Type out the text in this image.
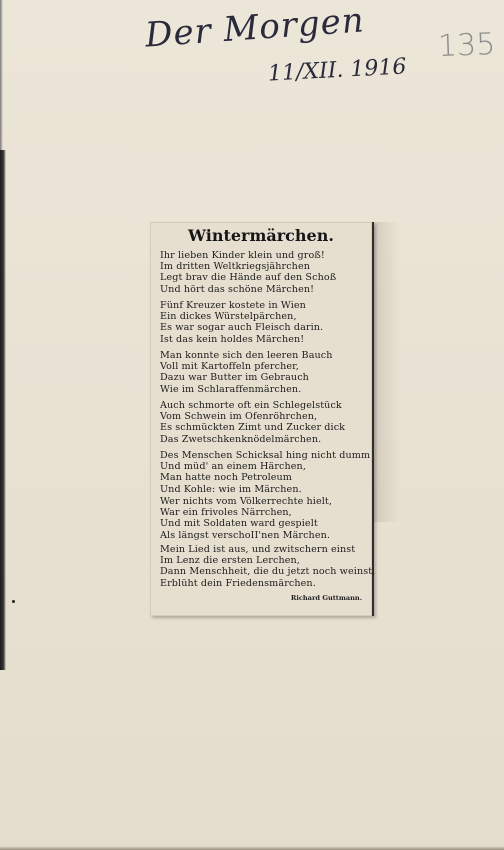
Der Morgen
11/XII. 1916
135
Wintermärchen.
Ihr lieben Kinder klein und groß!
Im dritten Weltkriegsjährchen
Legt brav die Hände auf den Schoß
Und hört das schöne Märchen!
Fünf Kreuzer kostete in Wien
Ein dickes Würstelpärchen,
Es war sogar auch Fleisch darin.
Ist das kein holdes Märchen!
Man konnte sich den leeren Bauch
Voll mit Kartoffeln pfercher,
Dazu war Butter im Gebrauch
Wie im Schlaraffenmärchen.
Auch schmorte oft ein Schlegelstück
Vom Schwein im Ofenröhrchen,
Es schmückten Zimt und Zucker dick
Das Zwetschkenknödelmärchen.
Des Menschen Schicksal hing nicht dumm
Und müd' an einem Härchen,
Man hatte noch Petroleum
Und Kohle: wie im Märchen.
Wer nichts vom Völkerrechte hielt,
War ein frivoles Närrchen,
Und mit Soldaten ward gespielt
Als längst verschoII'nen Märchen.
Mein Lied ist aus, und zwitschern einst
Im Lenz die ersten Lerchen,
Dann Menschheit, die du jetzt noch weinst,
Erblüht dein Friedensmärchen.
Richard Guttmann.
